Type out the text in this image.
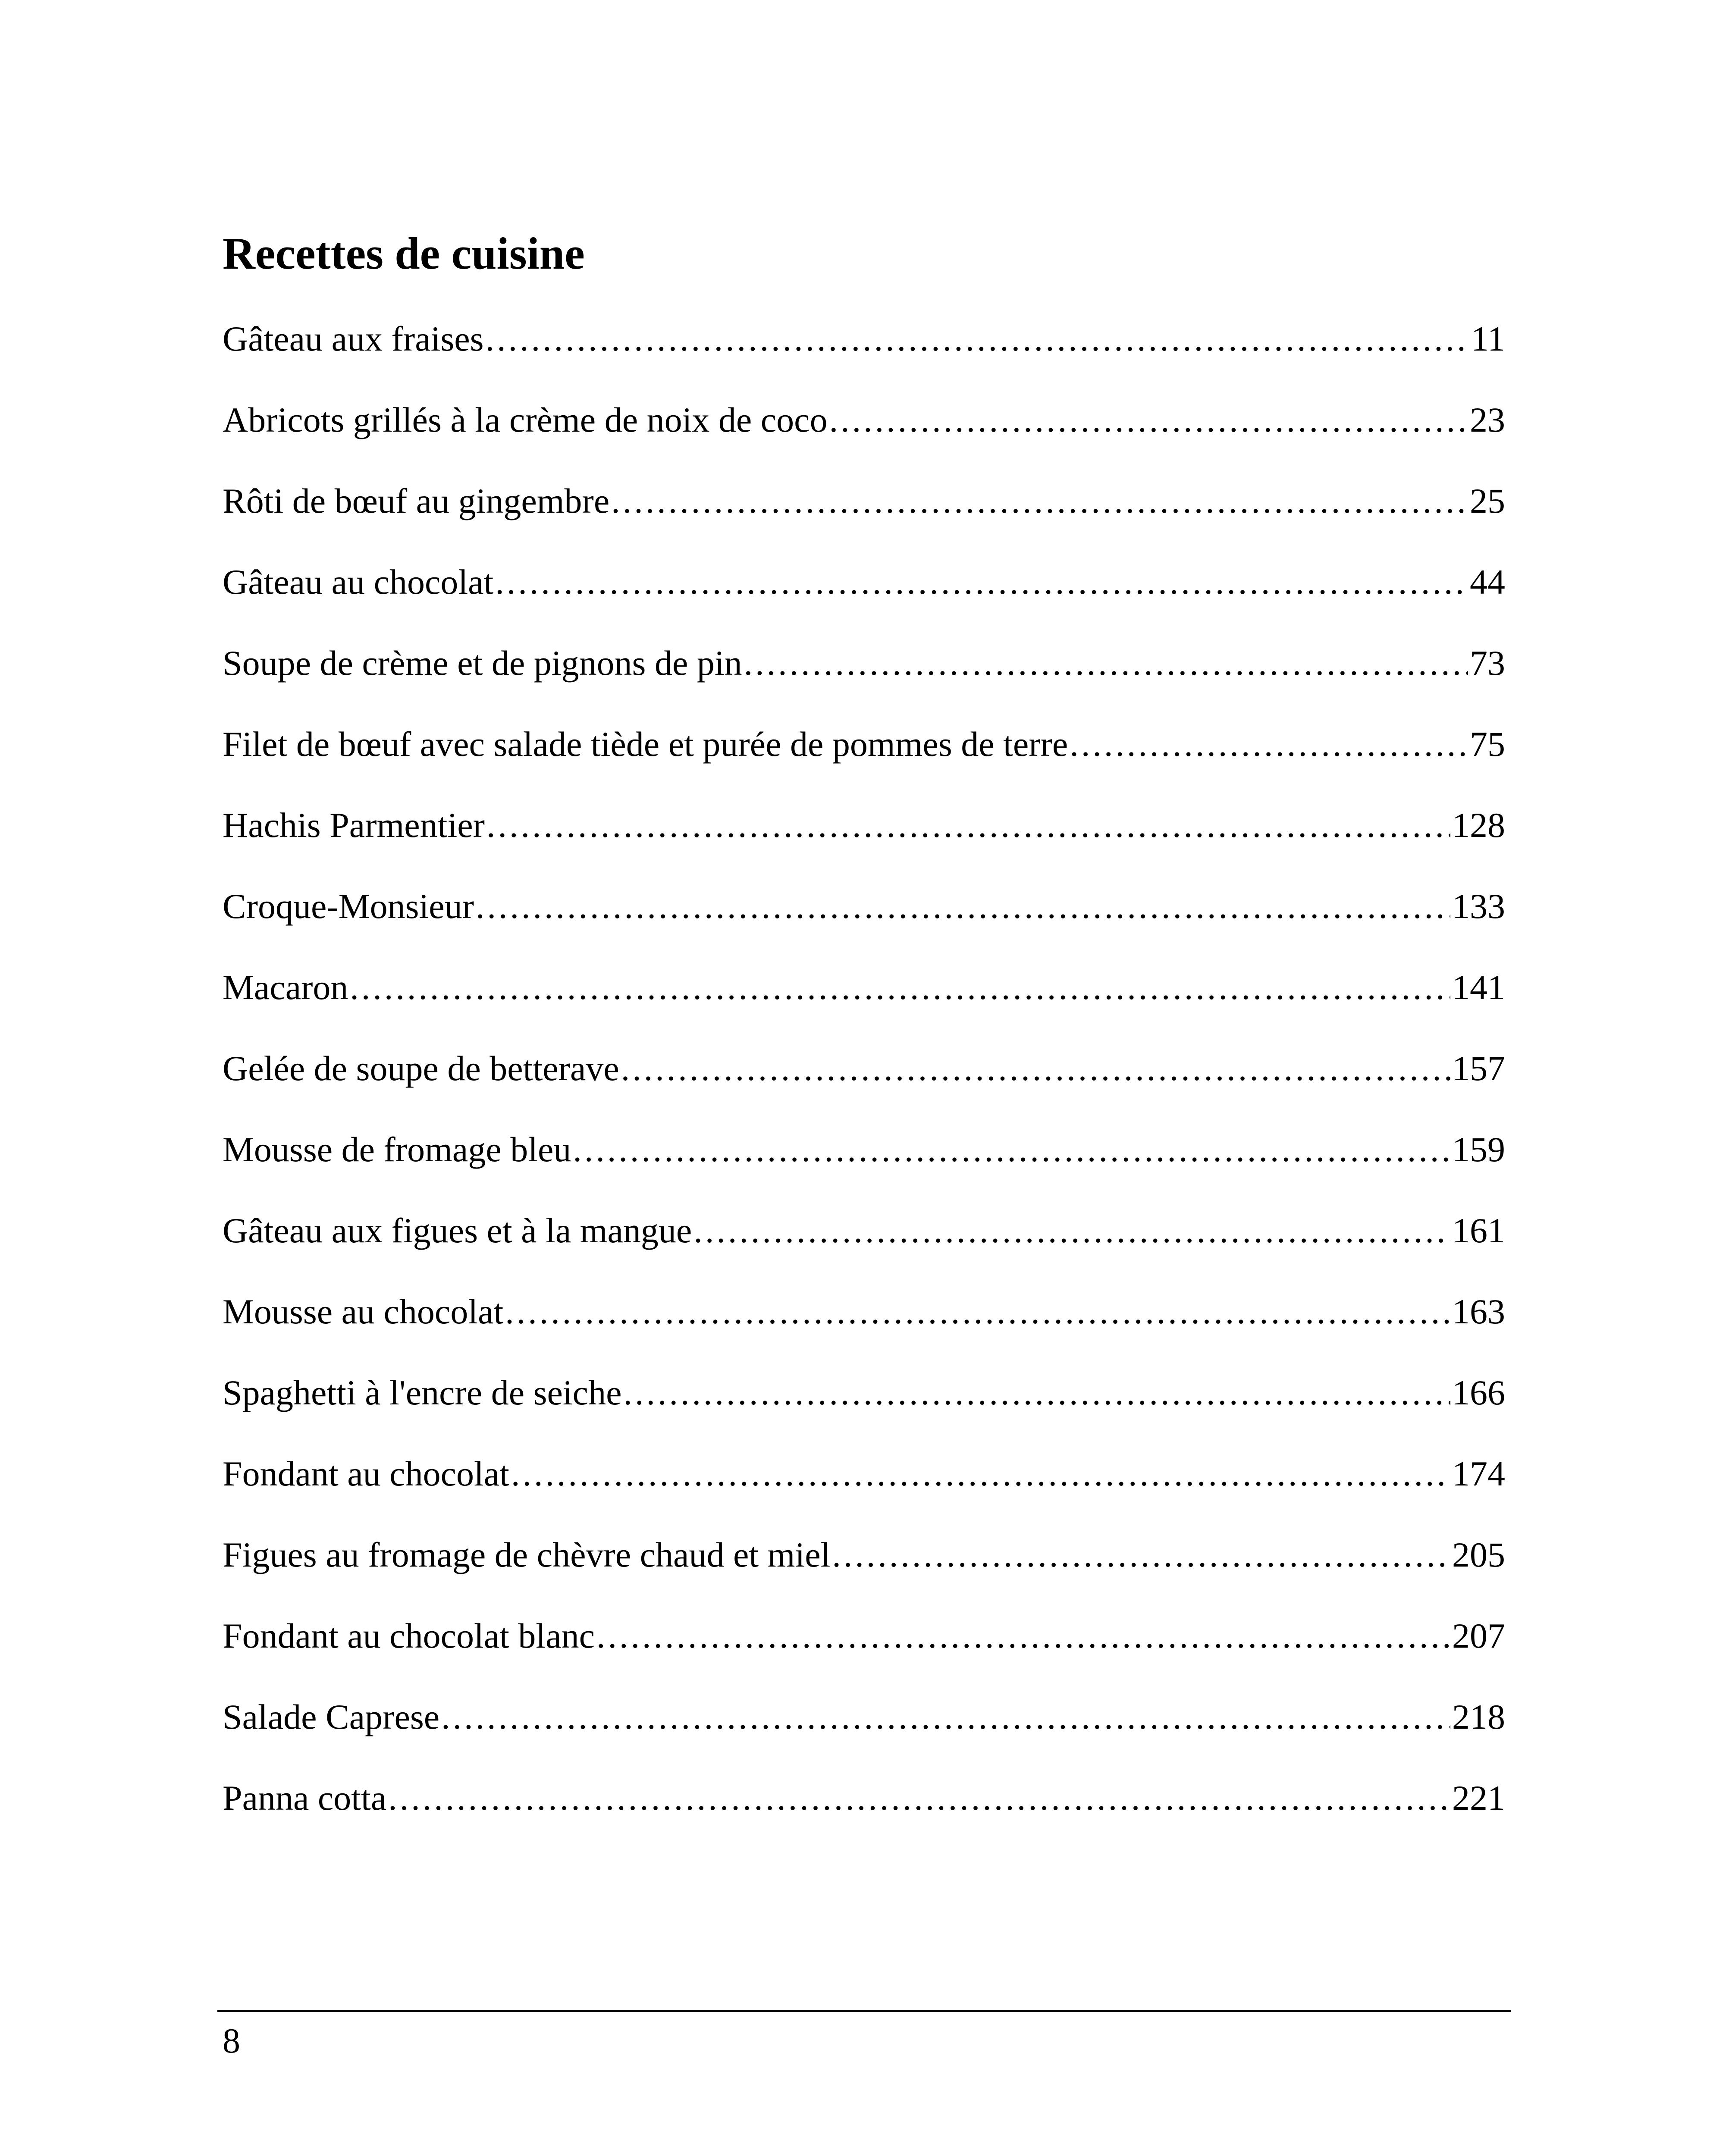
Recettes de cuisine
Gâteau aux fraises .....	11
Abricots grillés à la crème de noix de coco .....	23
Rôti de bœuf au gingembre .....	25
Gâteau au chocolat .....	44
Soupe de crème et de pignons de pin .....	73
Filet de bœuf avec salade tiède et purée de pommes de terre .....	75
Hachis Parmentier .....	128
Croque-Monsieur .....	133
Macaron .....	141
Gelée de soupe de betterave .....	157
Mousse de fromage bleu .....	159
Gâteau aux figues et à la mangue .....	161
Mousse au chocolat .....	163
Spaghetti à l'encre de seiche .....	166
Fondant au chocolat .....	174
Figues au fromage de chèvre chaud et miel .....	205
Fondant au chocolat blanc .....	207
Salade Caprese .....	218
Panna cotta .....	221
8
